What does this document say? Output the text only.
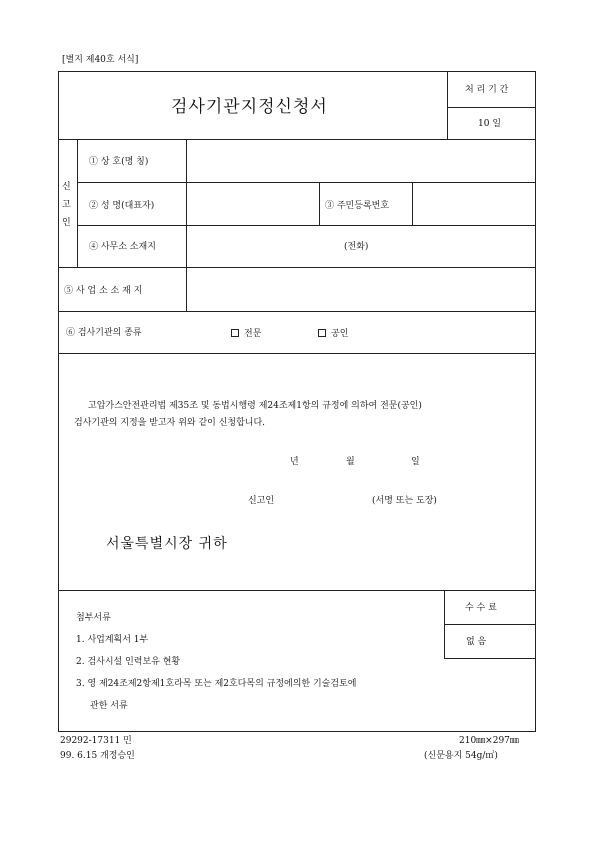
[별지 제40호 서식]
검사기관지정신청서
처 리 기 간
10 일
신
고
인
① 상 호(명 칭)
② 성 명(대표자)	③ 주민등록번호
④ 사무소 소재지	(전화)
⑤ 사 업 소 소 재 지
⑥ 검사기관의 종류	전문	공인
고압가스안전관리법 제35조 및 동법시행령 제24조제1항의 규정에 의하여 전문(공인)
검사기관의 지정을 받고자 위와 같이 신청합니다.
년	월	일
신고인	(서명 또는 도장)
서울특별시장 귀하
수 수 료
없 음
첨부서류
1. 사업계획서 1부
2. 검사시설 인력보유 현황
3. 영 제24조제2항제1호라목 또는 제2호다목의 규정에의한 기술검토에
관한 서류
29292-17311 민
99. 6.15 개정승인
210㎜×297㎜
(신문용지 54g/㎡)
